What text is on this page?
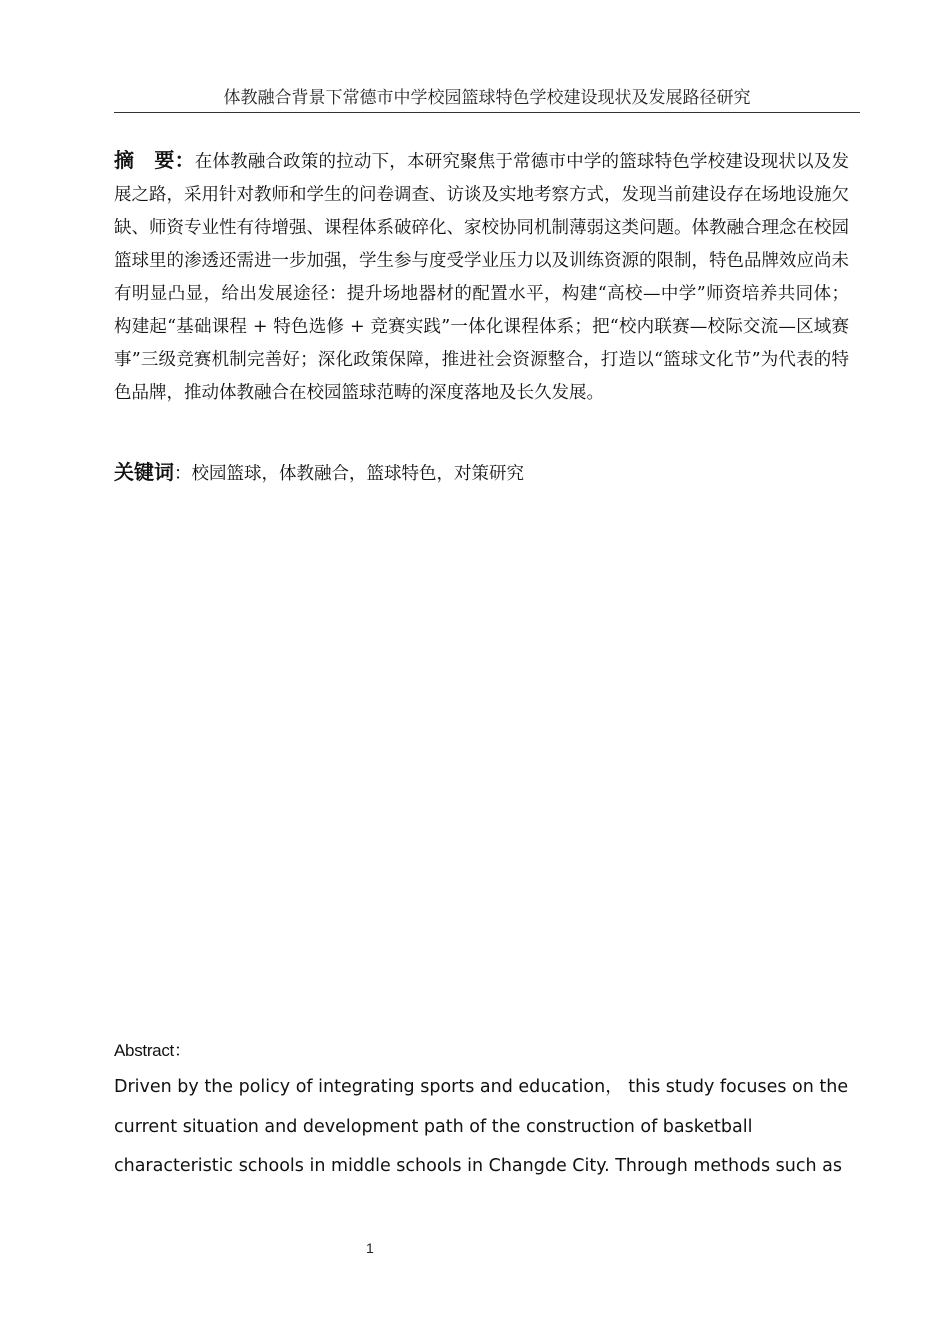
体教融合背景下常德市中学校园篮球特色学校建设现状及发展路径研究
摘　要：在体教融合政策的拉动下，本研究聚焦于常德市中学的篮球特色学校建设现状以及发展之路，采用针对教师和学生的问卷调查、访谈及实地考察方式，发现当前建设存在场地设施欠缺、师资专业性有待增强、课程体系破碎化、家校协同机制薄弱这类问题。体教融合理念在校园篮球里的渗透还需进一步加强，学生参与度受学业压力以及训练资源的限制，特色品牌效应尚未有明显凸显，给出发展途径：提升场地器材的配置水平，构建“高校—中学”师资培养共同体；构建起“基础课程 + 特色选修 + 竞赛实践”一体化课程体系；把“校内联赛—校际交流—区域赛事”三级竞赛机制完善好；深化政策保障，推进社会资源整合，打造以“篮球文化节”为代表的特色品牌，推动体教融合在校园篮球范畴的深度落地及长久发展。
关键词：校园篮球，体教融合，篮球特色，对策研究
Abstract：
Driven by the policy of integrating sports and education， this study focuses on the current situation and development path of the construction of basketball characteristic schools in middle schools in Changde City. Through methods such as
1
